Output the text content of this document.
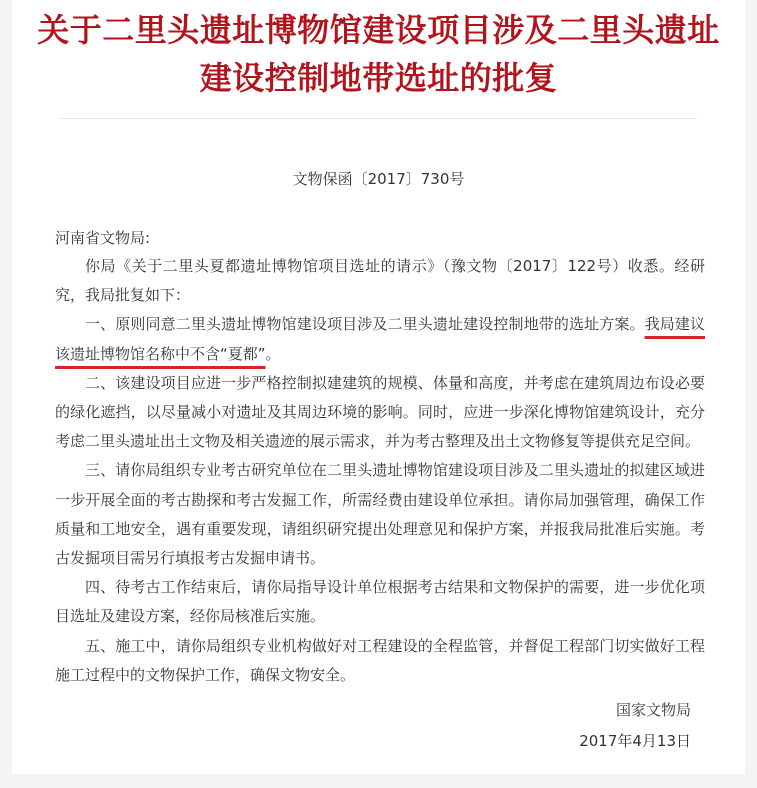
关于二里头遗址博物馆建设项目涉及二里头遗址
建设控制地带选址的批复
文物保函〔2017〕730号
河南省文物局:

你局《关于二里头夏都遗址博物馆项目选址的请示》（豫文物〔2017〕122号）收悉。经研究，我局批复如下：

一、原则同意二里头遗址博物馆建设项目涉及二里头遗址建设控制地带的选址方案。我局建议该遗址博物馆名称中不含“夏都”。

二、该建设项目应进一步严格控制拟建建筑的规模、体量和高度，并考虑在建筑周边布设必要的绿化遮挡，以尽量减小对遗址及其周边环境的影响。同时，应进一步深化博物馆建筑设计，充分考虑二里头遗址出土文物及相关遗迹的展示需求，并为考古整理及出土文物修复等提供充足空间。

三、请你局组织专业考古研究单位在二里头遗址博物馆建设项目涉及二里头遗址的拟建区域进一步开展全面的考古勘探和考古发掘工作，所需经费由建设单位承担。请你局加强管理，确保工作质量和工地安全，遇有重要发现，请组织研究提出处理意见和保护方案，并报我局批准后实施。考古发掘项目需另行填报考古发掘申请书。

四、待考古工作结束后，请你局指导设计单位根据考古结果和文物保护的需要，进一步优化项目选址及建设方案，经你局核准后实施。

五、施工中，请你局组织专业机构做好对工程建设的全程监管，并督促工程部门切实做好工程施工过程中的文物保护工作，确保文物安全。

国家文物局
2017年4月13日
